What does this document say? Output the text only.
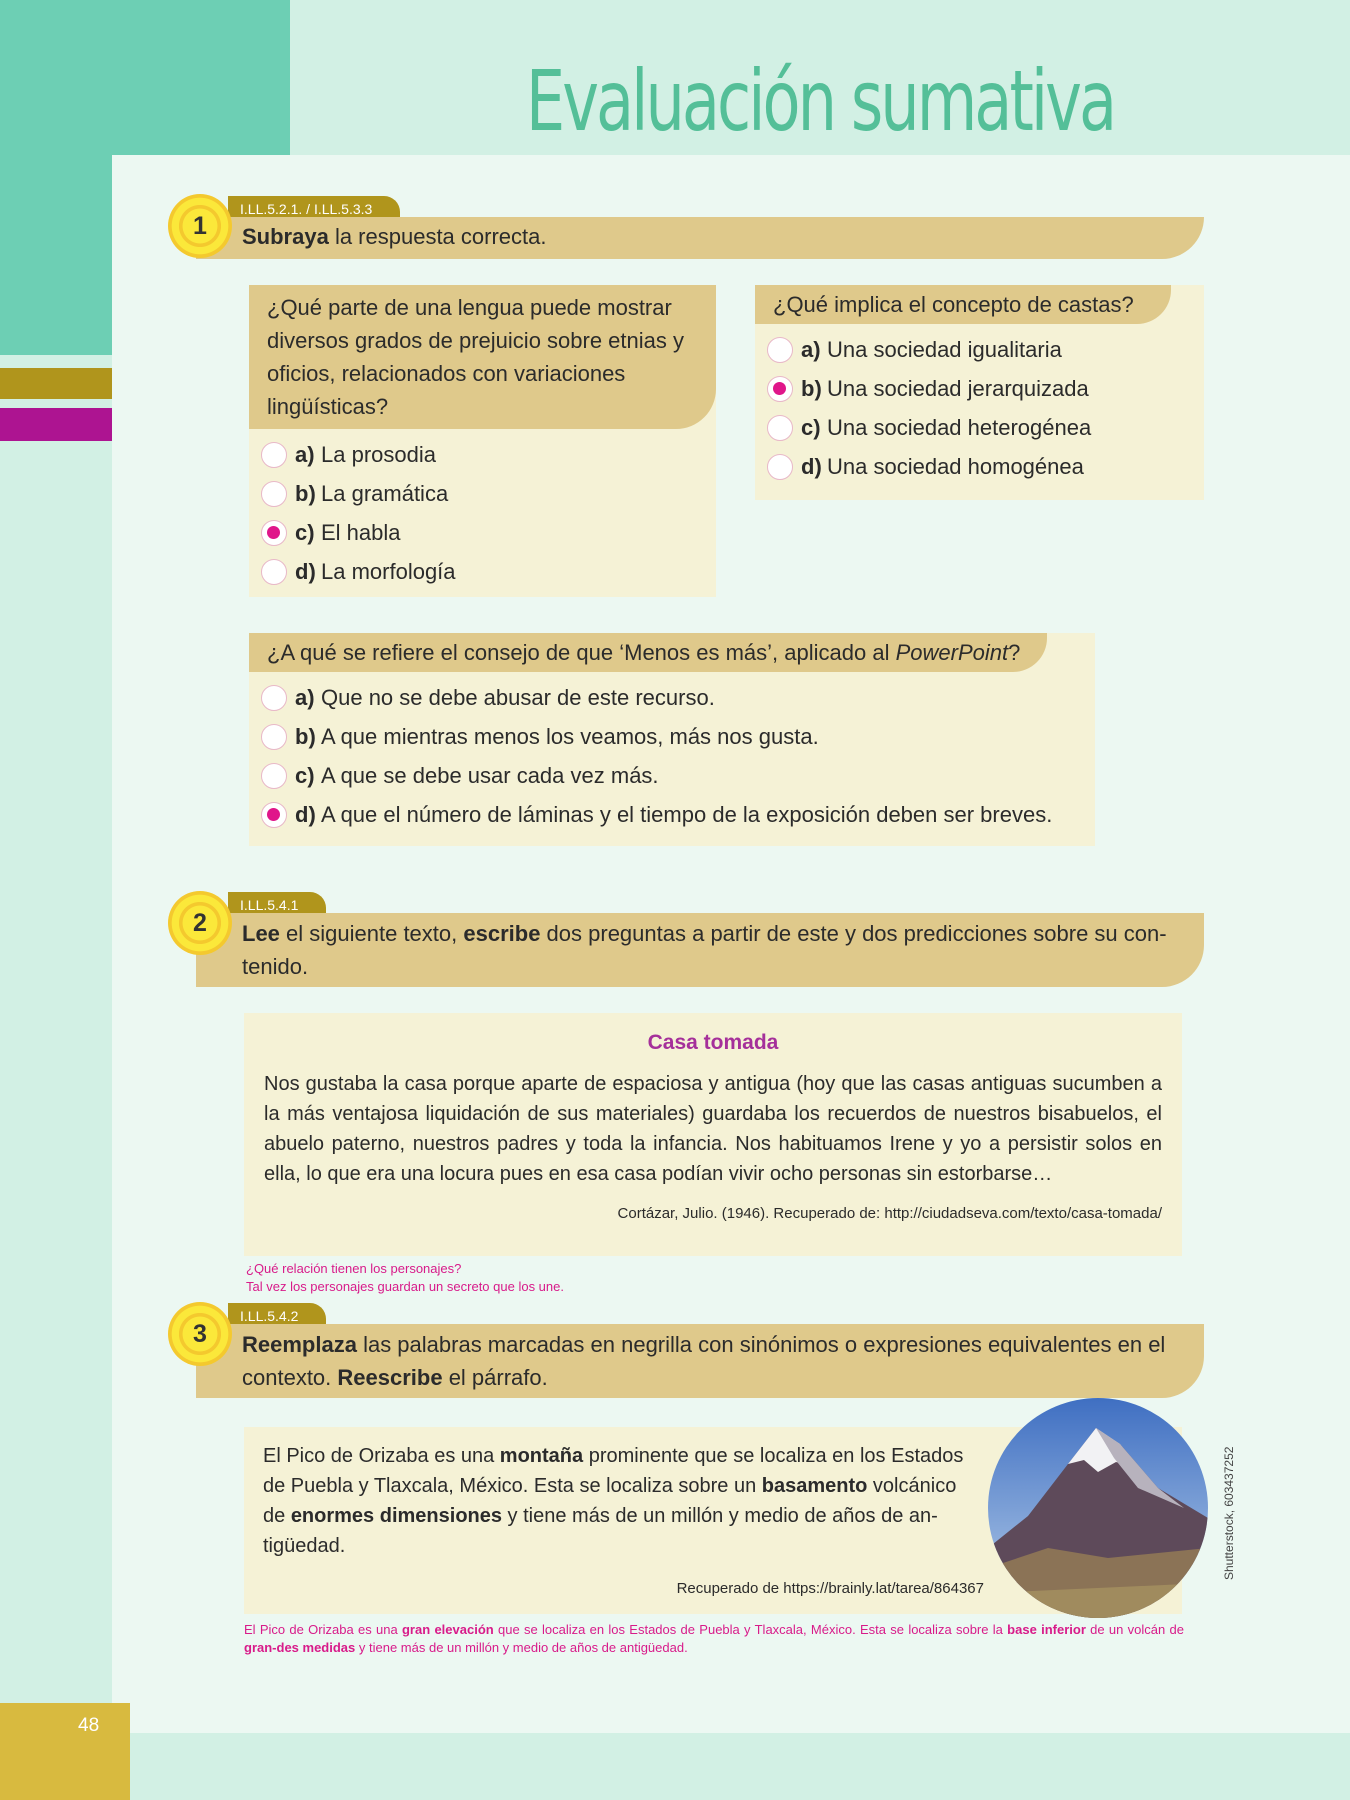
Evaluación sumativa
I.LL.5.2.1. / I.LL.5.3.3
Subraya la respuesta correcta.
1
¿Qué parte de una lengua puede mostrar diversos grados de prejuicio sobre etnias y oficios, relacionados con variaciones lingüísticas?
a) La prosodia
b) La gramática
c) El habla
d) La morfología
¿Qué implica el concepto de castas?
a) Una sociedad igualitaria
b) Una sociedad jerarquizada
c) Una sociedad heterogénea
d) Una sociedad homogénea
¿A qué se refiere el consejo de que ‘Menos es más’, aplicado al PowerPoint?
a) Que no se debe abusar de este recurso.
b) A que mientras menos los veamos, más nos gusta.
c) A que se debe usar cada vez más.
d) A que el número de láminas y el tiempo de la exposición deben ser breves.
I.LL.5.4.1
Lee el siguiente texto, escribe dos preguntas a partir de este y dos predicciones sobre su con-
tenido.
2
Casa tomada
Nos gustaba la casa porque aparte de espaciosa y antigua (hoy que las casas antiguas sucumben a la más ventajosa liquidación de sus materiales) guardaba los recuerdos de nuestros bisabuelos, el abuelo paterno, nuestros padres y toda la infancia. Nos habituamos Irene y yo a persistir solos en ella, lo que era una locura pues en esa casa podían vivir ocho personas sin estorbarse…
Cortázar, Julio. (1946). Recuperado de: http://ciudadseva.com/texto/casa-tomada/
¿Qué relación tienen los personajes?
Tal vez los personajes guardan un secreto que los une.
I.LL.5.4.2
Reemplaza las palabras marcadas en negrilla con sinónimos o expresiones equivalentes en el
contexto. Reescribe el párrafo.
3
El Pico de Orizaba es una montaña prominente que se localiza en los Estados de Puebla y Tlaxcala, México. Esta se localiza sobre un basamento volcánico de enormes dimensiones y tiene más de un millón y medio de años de an-tigüedad.
Recuperado de https://brainly.lat/tarea/864367
Shutterstock, 603437252
El Pico de Orizaba es una gran elevación que se localiza en los Estados de Puebla y Tlaxcala, México. Esta se localiza sobre la base inferior de un volcán de gran-des medidas y tiene más de un millón y medio de años de antigüedad.
48
